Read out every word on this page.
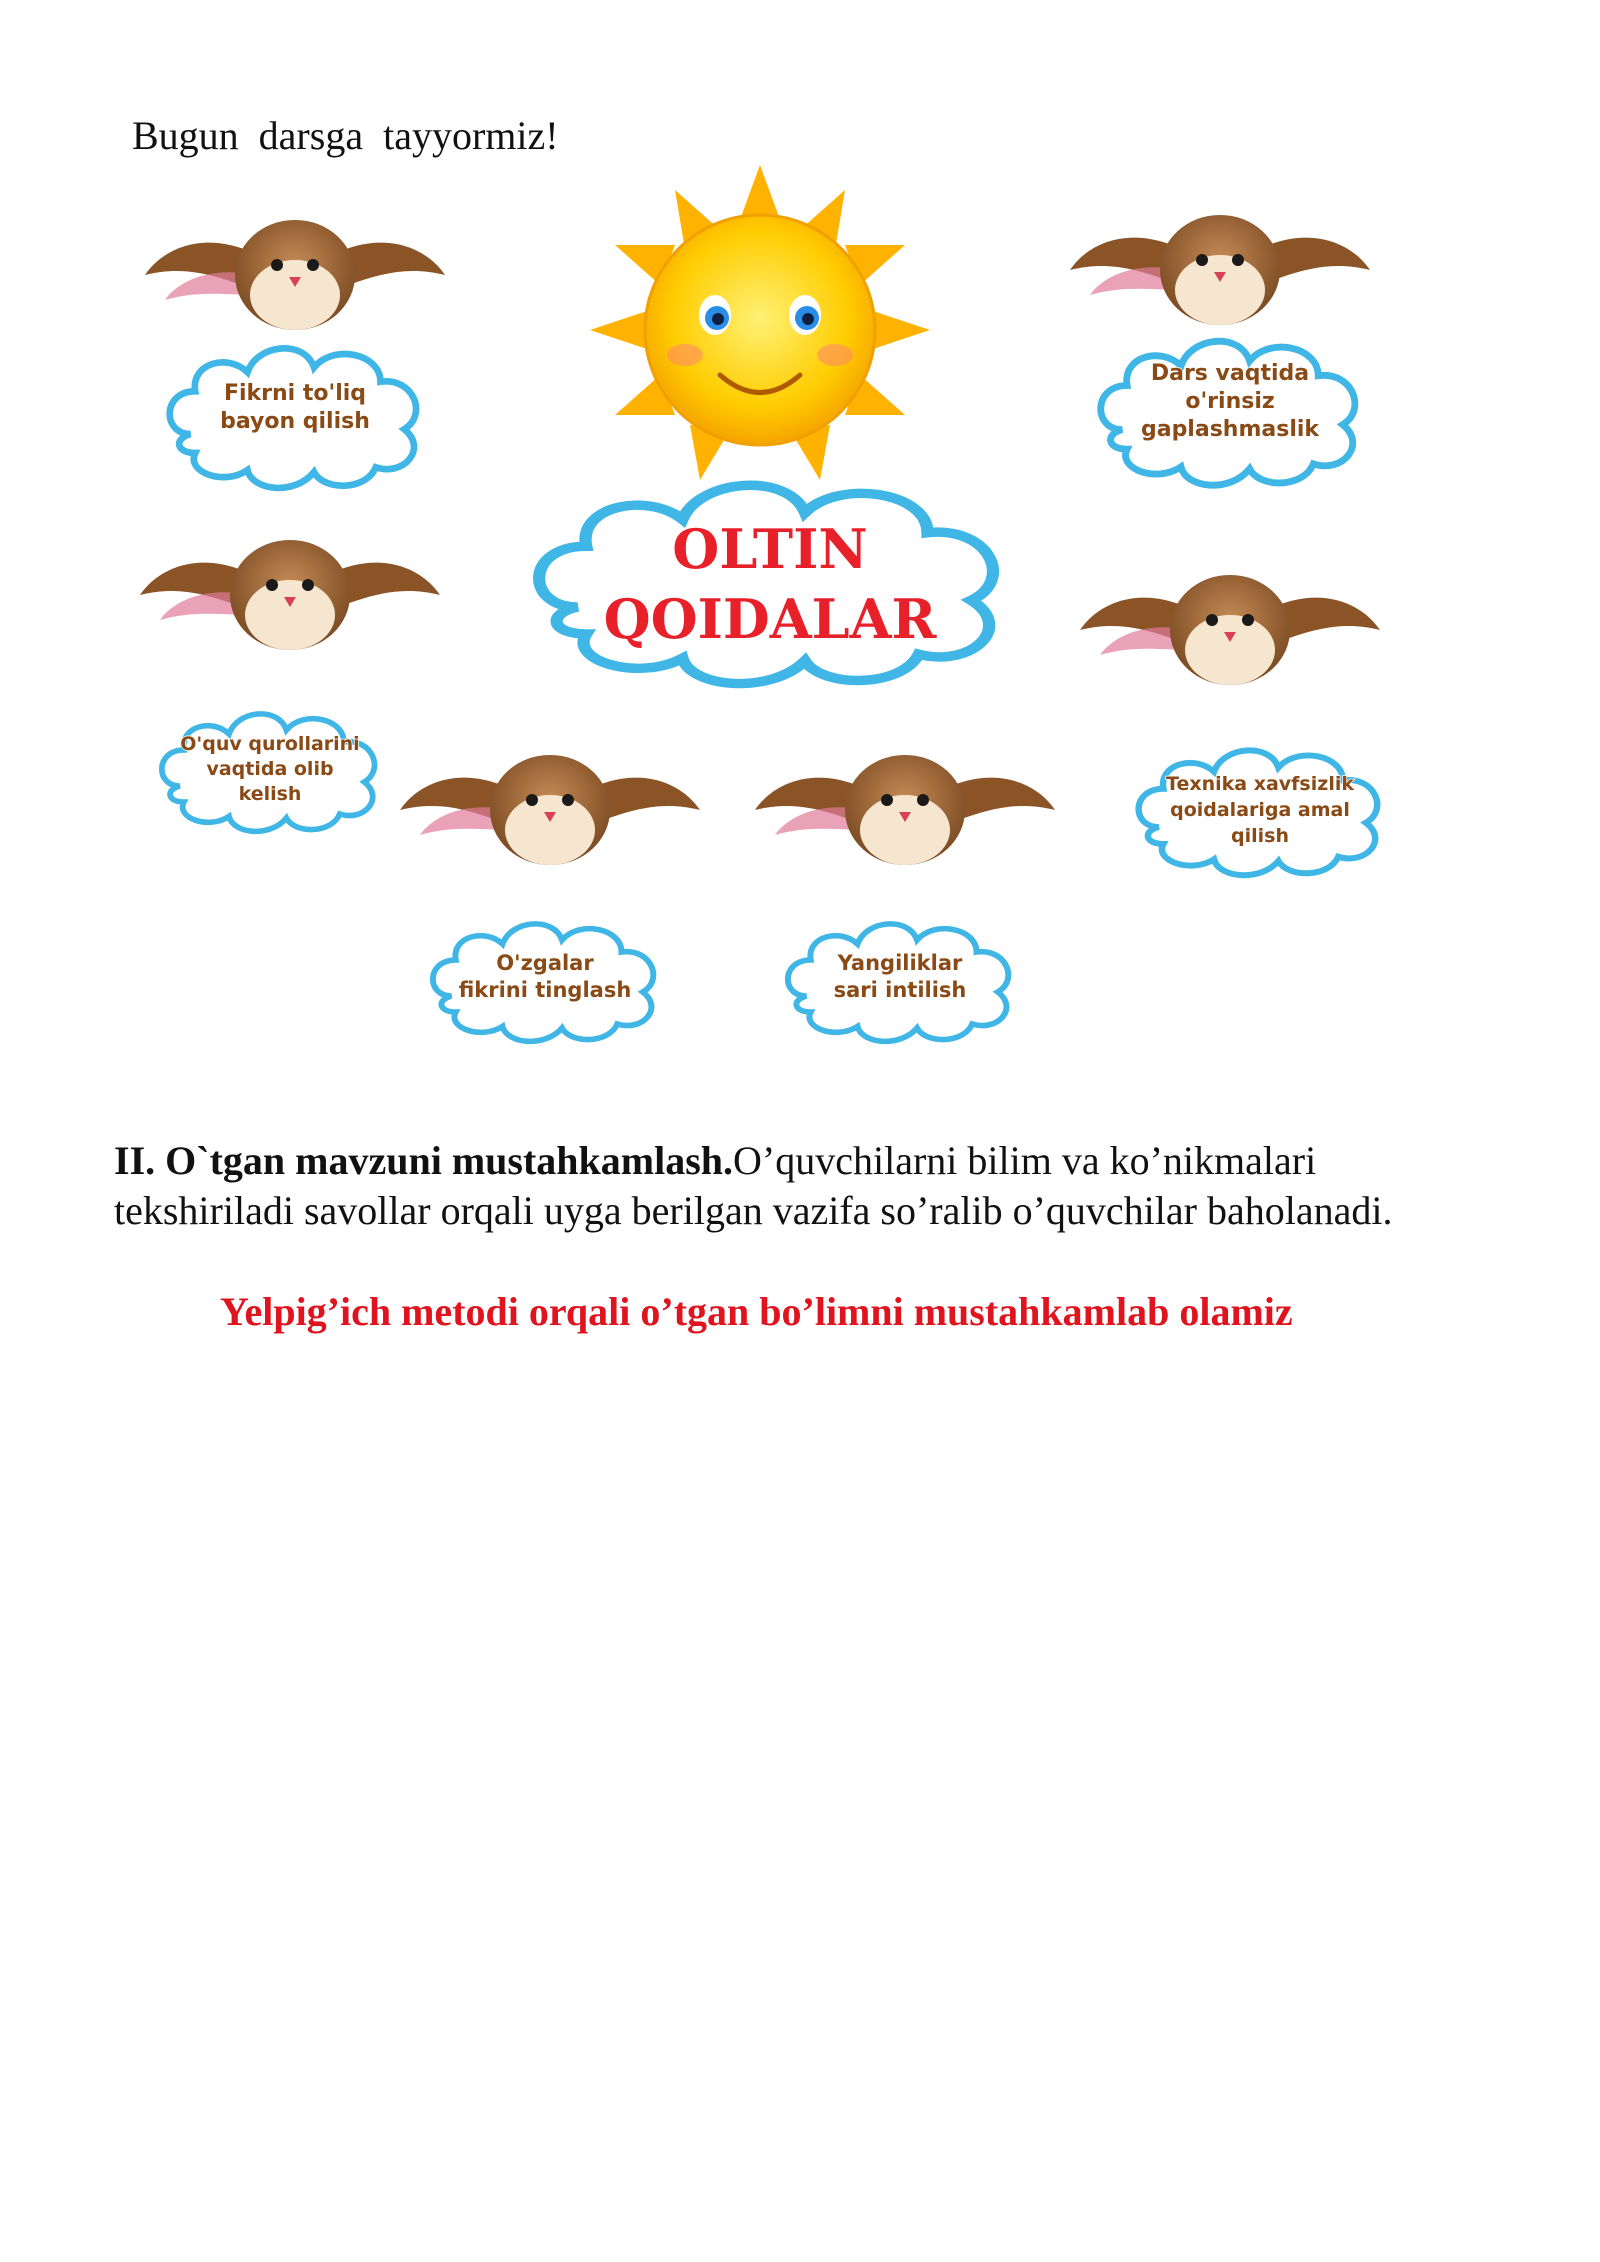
Bugun darsga tayyormiz!
OLTIN
QOIDALAR
Fikrni to'liq
bayon qilish
Dars vaqtida
o'rinsiz
gaplashmaslik
O'quv qurollarini
vaqtida olib
kelish	Texnika xavfsizlik
qoidalariga amal
qilish
O'zgalar
fikrini tinglash
Yangiliklar
sari intilish
II. O`tgan mavzuni mustahkamlash.O’quvchilarni bilim va ko’nikmalari tekshiriladi savollar orqali uyga berilgan vazifa so’ralib o’quvchilar baholanadi.
Yelpig’ich metodi orqali o’tgan bo’limni mustahkamlab olamiz
